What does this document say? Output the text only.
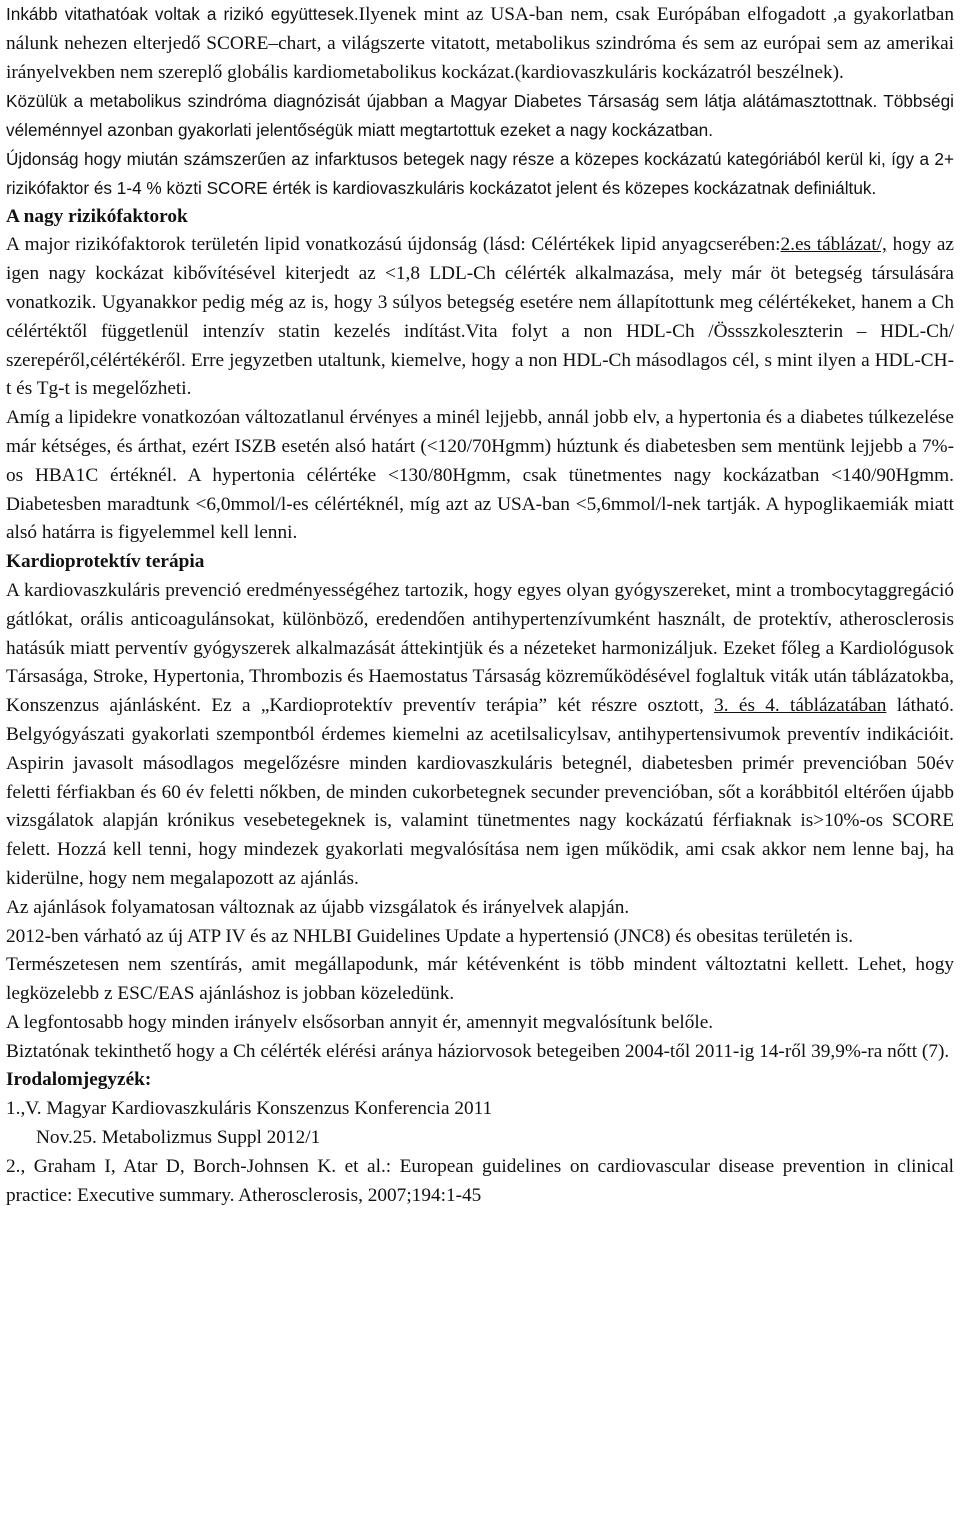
Inkább vitathatóak voltak a rizikó együttesek.Ilyenek mint az USA-ban nem, csak Európában elfogadott ,a gyakorlatban nálunk nehezen elterjedő SCORE–chart, a világszerte vitatott, metabolikus szindróma és sem az európai sem az amerikai irányelvekben nem szereplő globális kardiometabolikus kockázat.(kardiovaszkuláris kockázatról beszélnek).

Közülük a metabolikus szindróma diagnózisát újabban a Magyar Diabetes Társaság sem látja alátámasztottnak. Többségi véleménnyel azonban gyakorlati jelentőségük miatt megtartottuk ezeket a nagy kockázatban.

Újdonság hogy miután számszerűen az infarktusos betegek nagy része a közepes kockázatú kategóriából kerül ki, így a 2+ rizikófaktor és 1-4 % közti SCORE érték is kardiovaszkuláris kockázatot jelent és közepes kockázatnak definiáltuk.

A nagy rizikófaktorok

A major rizikófaktorok területén lipid vonatkozású újdonság (lásd: Célértékek lipid anyagcserében:2.es táblázat/, hogy az igen nagy kockázat kibővítésével kiterjedt az <1,8 LDL-Ch célérték alkalmazása, mely már öt betegség társulására vonatkozik. Ugyanakkor pedig még az is, hogy 3 súlyos betegség esetére nem állapítottunk meg célértékeket, hanem a Ch célértéktől függetlenül intenzív statin kezelés indítást.Vita folyt a non HDL-Ch /Össszkoleszterin – HDL-Ch/ szerepéről,célértékéről. Erre jegyzetben utaltunk, kiemelve, hogy a non HDL-Ch másodlagos cél, s mint ilyen a HDL-CH-t és Tg-t is megelőzheti.

Amíg a lipidekre vonatkozóan változatlanul érvényes a minél lejjebb, annál jobb elv, a hypertonia és a diabetes túlkezelése már kétséges, és árthat, ezért ISZB esetén alsó határt (<120/70Hgmm) húztunk és diabetesben sem mentünk lejjebb a 7%-os HBA1C értéknél. A hypertonia célértéke <130/80Hgmm, csak tünetmentes nagy kockázatban <140/90Hgmm. Diabetesben maradtunk <6,0mmol/l-es célértéknél, míg azt az USA-ban <5,6mmol/l-nek tartják. A hypoglikaemiák miatt alsó határra is figyelemmel kell lenni.

Kardioprotektív terápia

A kardiovaszkuláris prevenció eredményességéhez tartozik, hogy egyes olyan gyógyszereket, mint a trombocytaggregáció gátlókat, orális anticoagulánsokat, különböző, eredendően antihypertenzívumként használt, de protektív, atherosclerosis hatásúk miatt perventív gyógyszerek alkalmazását áttekintjük és a nézeteket harmonizáljuk. Ezeket főleg a Kardiológusok Társasága, Stroke, Hypertonia, Thrombozis és Haemostatus Társaság közreműködésével foglaltuk viták után táblázatokba, Konszenzus ajánlásként. Ez a „Kardioprotektív preventív terápia” két részre osztott, 3. és 4. táblázatában látható. Belgyógyászati gyakorlati szempontból érdemes kiemelni az acetilsalicylsav, antihypertensivumok preventív indikációit. Aspirin javasolt másodlagos megelőzésre minden kardiovaszkuláris betegnél, diabetesben primér prevencióban 50év feletti férfiakban és 60 év feletti nőkben, de minden cukorbetegnek secunder prevencióban, sőt a korábbitól eltérően újabb vizsgálatok alapján krónikus vesebetegeknek is, valamint tünetmentes nagy kockázatú férfiaknak is>10%-os SCORE felett. Hozzá kell tenni, hogy mindezek gyakorlati megvalósítása nem igen működik, ami csak akkor nem lenne baj, ha kiderülne, hogy nem megalapozott az ajánlás.

Az ajánlások folyamatosan változnak az újabb vizsgálatok és irányelvek alapján.

2012-ben várható az új ATP IV és az NHLBI Guidelines Update a hypertensió (JNC8) és obesitas területén is.

Természetesen nem szentírás, amit megállapodunk, már kétévenként is több mindent változtatni kellett. Lehet, hogy legközelebb z ESC/EAS ajánláshoz is jobban közeledünk.

A legfontosabb hogy minden irányelv elsősorban annyit ér, amennyit megvalósítunk belőle.

Biztatónak tekinthető hogy a Ch célérték elérési aránya háziorvosok betegeiben 2004-től 2011-ig 14-ről 39,9%-ra nőtt (7).

Irodalomjegyzék:

1.,V. Magyar Kardiovaszkuláris Konszenzus Konferencia 2011

Nov.25. Metabolizmus Suppl 2012/1

2., Graham I, Atar D, Borch-Johnsen K. et al.: European guidelines on cardiovascular disease prevention in clinical practice: Executive summary. Atherosclerosis, 2007;194:1-45
